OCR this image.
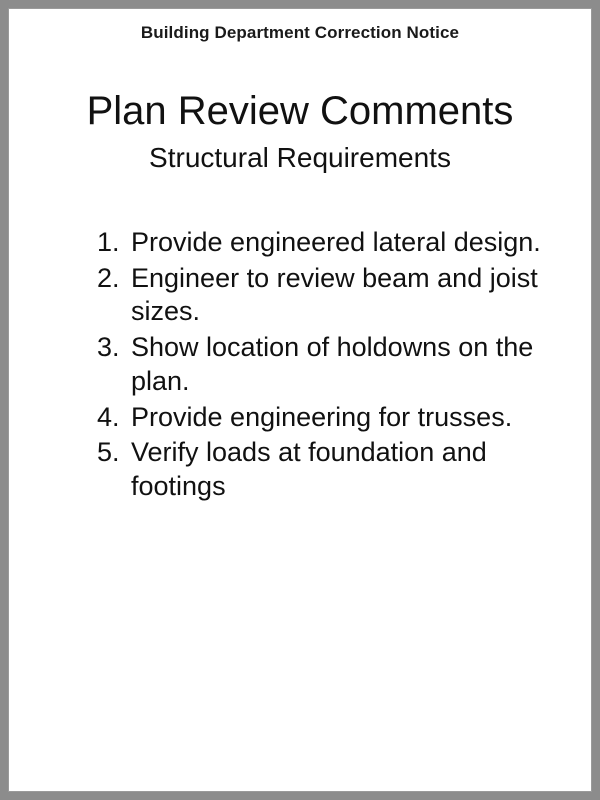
Building Department Correction Notice
Plan Review Comments
Structural Requirements
1. Provide engineered lateral design.
2. Engineer to review beam and joist sizes.
3. Show location of holdowns on the plan.
4. Provide engineering for trusses.
5. Verify loads at foundation and footings
